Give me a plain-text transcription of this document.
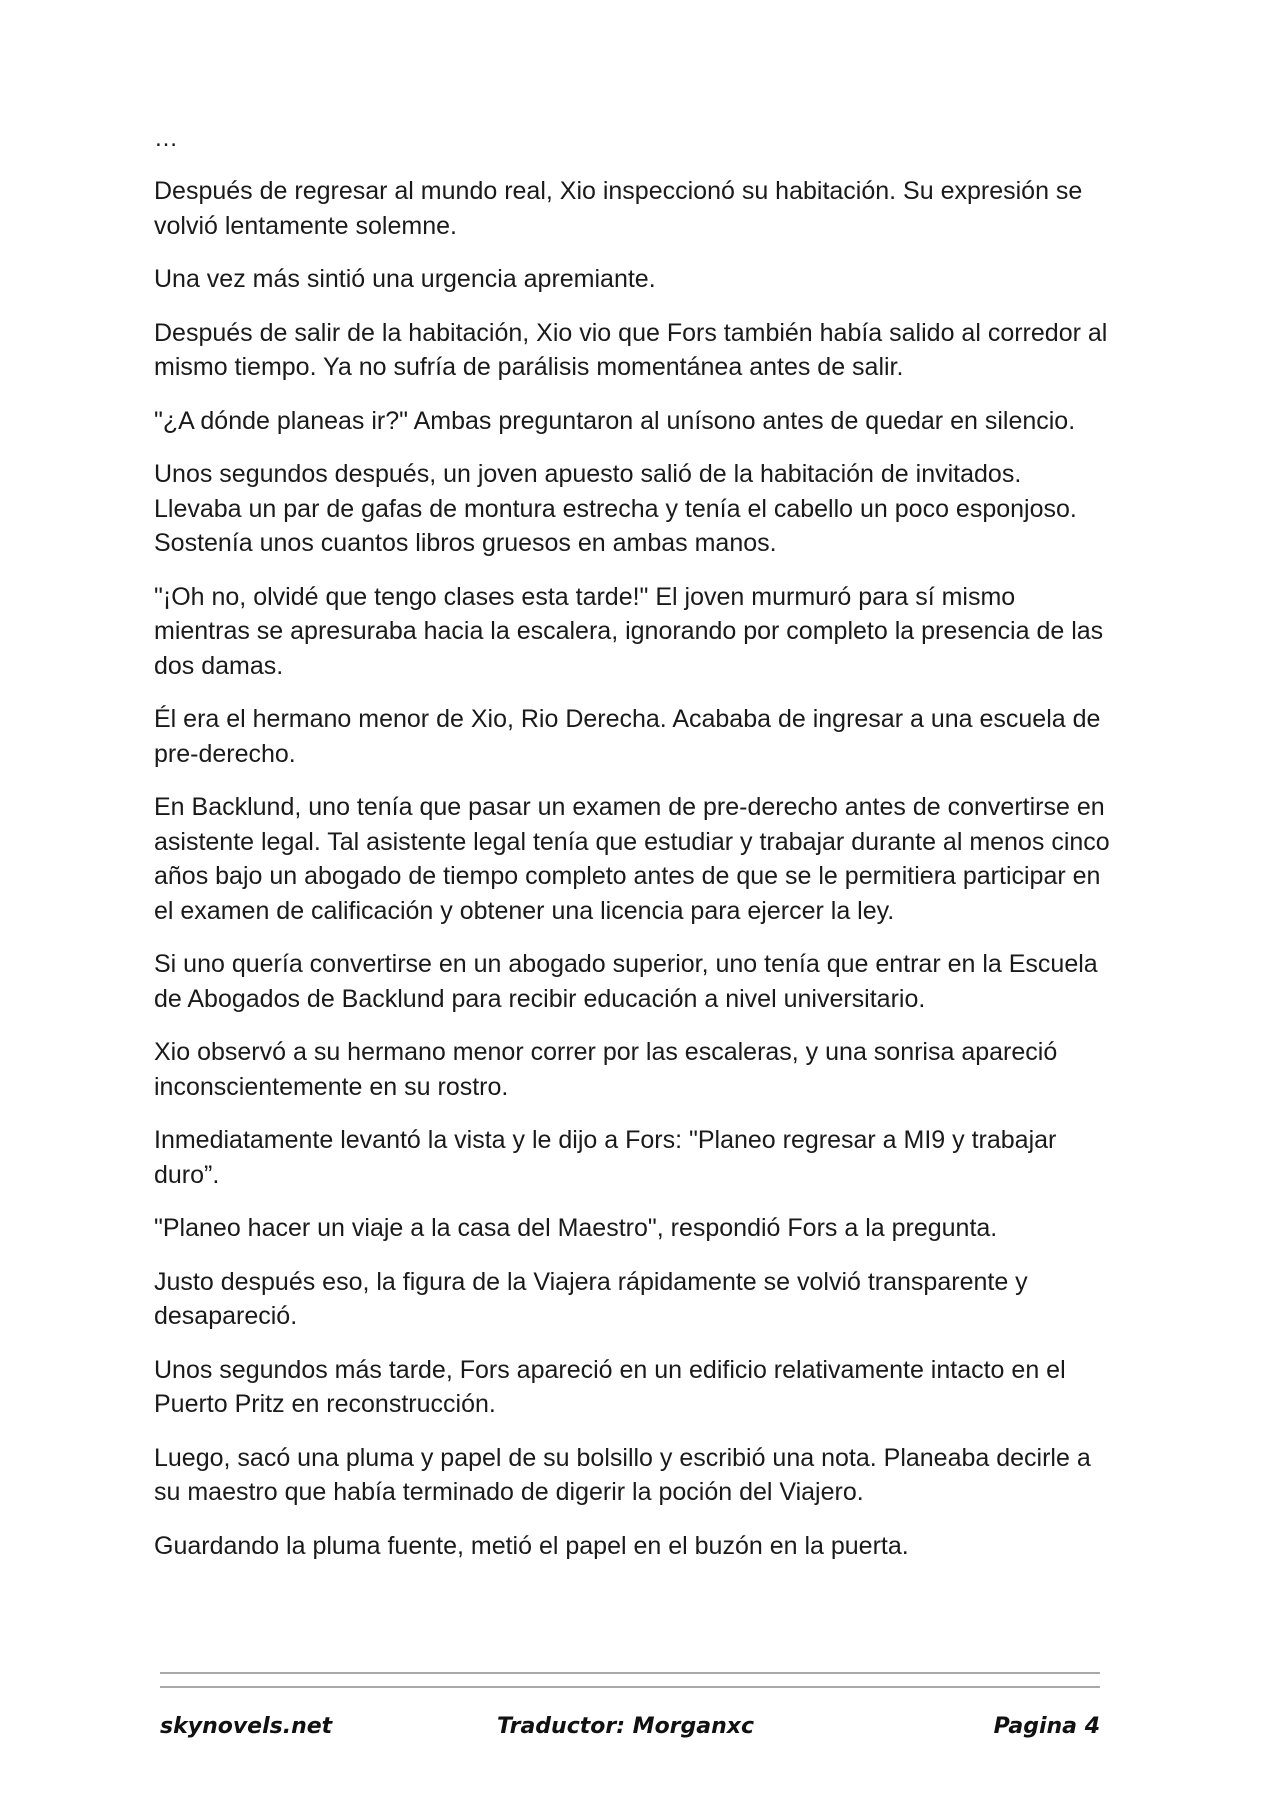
…

Después de regresar al mundo real, Xio inspeccionó su habitación. Su expresión se volvió lentamente solemne.

Una vez más sintió una urgencia apremiante.

Después de salir de la habitación, Xio vio que Fors también había salido al corredor al mismo tiempo. Ya no sufría de parálisis momentánea antes de salir.

"¿A dónde planeas ir?" Ambas preguntaron al unísono antes de quedar en silencio.

Unos segundos después, un joven apuesto salió de la habitación de invitados. Llevaba un par de gafas de montura estrecha y tenía el cabello un poco esponjoso. Sostenía unos cuantos libros gruesos en ambas manos.

"¡Oh no, olvidé que tengo clases esta tarde!" El joven murmuró para sí mismo mientras se apresuraba hacia la escalera, ignorando por completo la presencia de las dos damas.

Él era el hermano menor de Xio, Rio Derecha. Acababa de ingresar a una escuela de pre-derecho.

En Backlund, uno tenía que pasar un examen de pre-derecho antes de convertirse en asistente legal. Tal asistente legal tenía que estudiar y trabajar durante al menos cinco años bajo un abogado de tiempo completo antes de que se le permitiera participar en el examen de calificación y obtener una licencia para ejercer la ley.

Si uno quería convertirse en un abogado superior, uno tenía que entrar en la Escuela de Abogados de Backlund para recibir educación a nivel universitario.

Xio observó a su hermano menor correr por las escaleras, y una sonrisa apareció inconscientemente en su rostro.

Inmediatamente levantó la vista y le dijo a Fors: "Planeo regresar a MI9 y trabajar duro”.

"Planeo hacer un viaje a la casa del Maestro", respondió Fors a la pregunta.

Justo después eso, la figura de la Viajera rápidamente se volvió transparente y desapareció.

Unos segundos más tarde, Fors apareció en un edificio relativamente intacto en el Puerto Pritz en reconstrucción.

Luego, sacó una pluma y papel de su bolsillo y escribió una nota. Planeaba decirle a su maestro que había terminado de digerir la poción del Viajero.

Guardando la pluma fuente, metió el papel en el buzón en la puerta.

skynovels.net	Traductor: Morganxc	Pagina 4
